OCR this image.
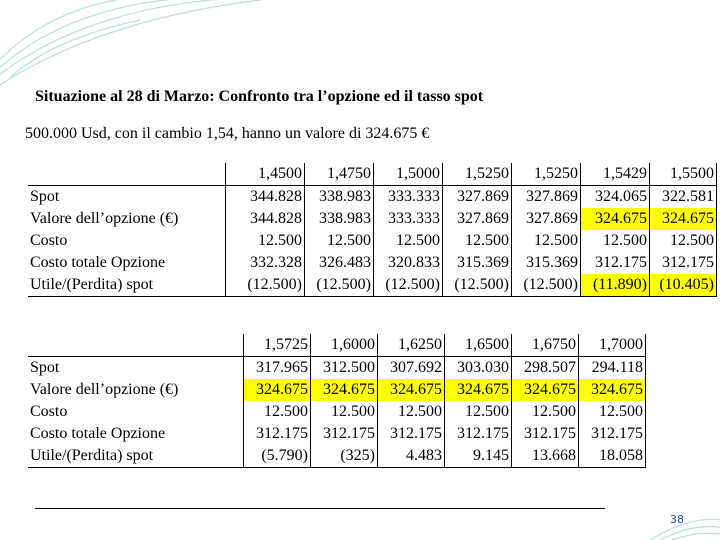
Situazione al 28 di Marzo: Confronto tra l’opzione ed il tasso spot
500.000 Usd, con il cambio 1,54, hanno un valore di 324.675 €
	1,4500	1,4750	1,5000	1,5250	1,5250	1,5429	1,5500
Spot	344.828	338.983	333.333	327.869	327.869	324.065	322.581
Valore dell’opzione (€)	344.828	338.983	333.333	327.869	327.869	324.675	324.675
Costo	12.500	12.500	12.500	12.500	12.500	12.500	12.500
Costo totale Opzione	332.328	326.483	320.833	315.369	315.369	312.175	312.175
Utile/(Perdita) spot	(12.500)	(12.500)	(12.500)	(12.500)	(12.500)	(11.890)	(10.405)
	1,5725	1,6000	1,6250	1,6500	1,6750	1,7000
Spot	317.965	312.500	307.692	303.030	298.507	294.118
Valore dell’opzione (€)	324.675	324.675	324.675	324.675	324.675	324.675
Costo	12.500	12.500	12.500	12.500	12.500	12.500
Costo totale Opzione	312.175	312.175	312.175	312.175	312.175	312.175
Utile/(Perdita) spot	(5.790)	(325)	4.483	9.145	13.668	18.058
38
